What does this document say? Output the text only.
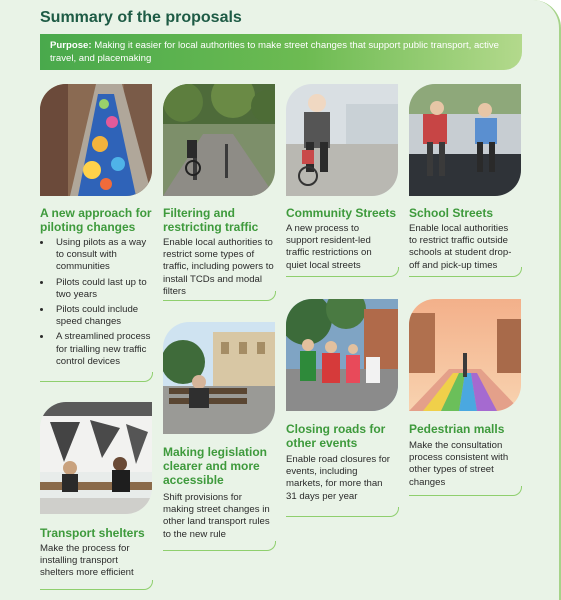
Summary of the proposals
Purpose: Making it easier for local authorities to make street changes that support public transport, active travel, and placemaking
A new approach for piloting changes
• Using pilots as a way to consult with communities
• Pilots could last up to two years
• Pilots could include speed changes
• A streamlined process for trialling new traffic control devices
Filtering and restricting traffic
Enable local authorities to restrict some types of traffic, including powers to install TCDs and modal filters
Community Streets
A new process to support resident-led traffic restrictions on quiet local streets
School Streets
Enable local authorities to restrict traffic outside schools at student drop-off and pick-up times
Making legislation clearer and more accessible
Shift provisions for making street changes in other land transport rules to the new rule
Closing roads for other events
Enable road closures for events, including markets, for more than 31 days per year
Pedestrian malls
Make the consultation process consistent with other types of street changes
Transport shelters
Make the process for installing transport shelters more efficient
